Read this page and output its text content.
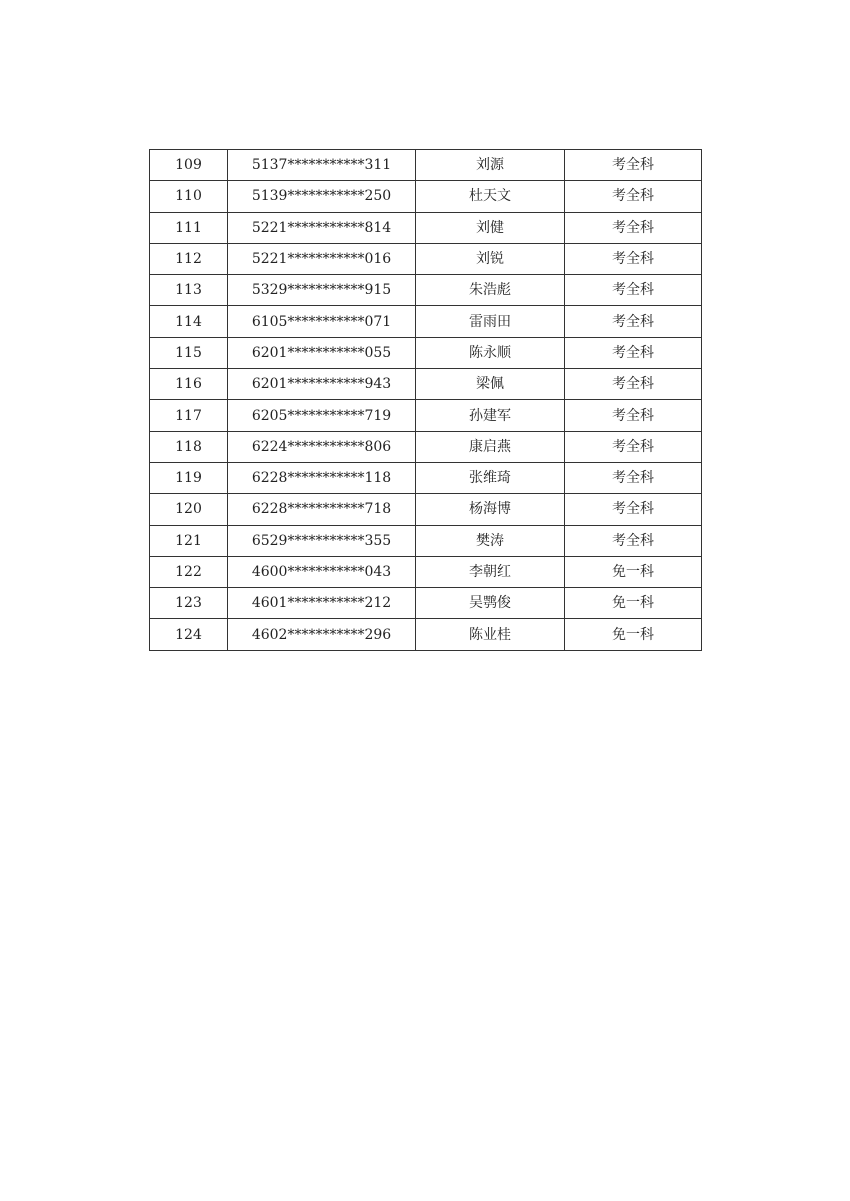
109	5137***********311	刘源	考全科
110	5139***********250	杜天文	考全科
111	5221***********814	刘健	考全科
112	5221***********016	刘锐	考全科
113	5329***********915	朱浩彪	考全科
114	6105***********071	雷雨田	考全科
115	6201***********055	陈永顺	考全科
116	6201***********943	梁佩	考全科
117	6205***********719	孙建军	考全科
118	6224***********806	康启燕	考全科
119	6228***********118	张维琦	考全科
120	6228***********718	杨海博	考全科
121	6529***********355	樊涛	考全科
122	4600***********043	李朝红	免一科
123	4601***********212	吴鹗俊	免一科
124	4602***********296	陈业桂	免一科
